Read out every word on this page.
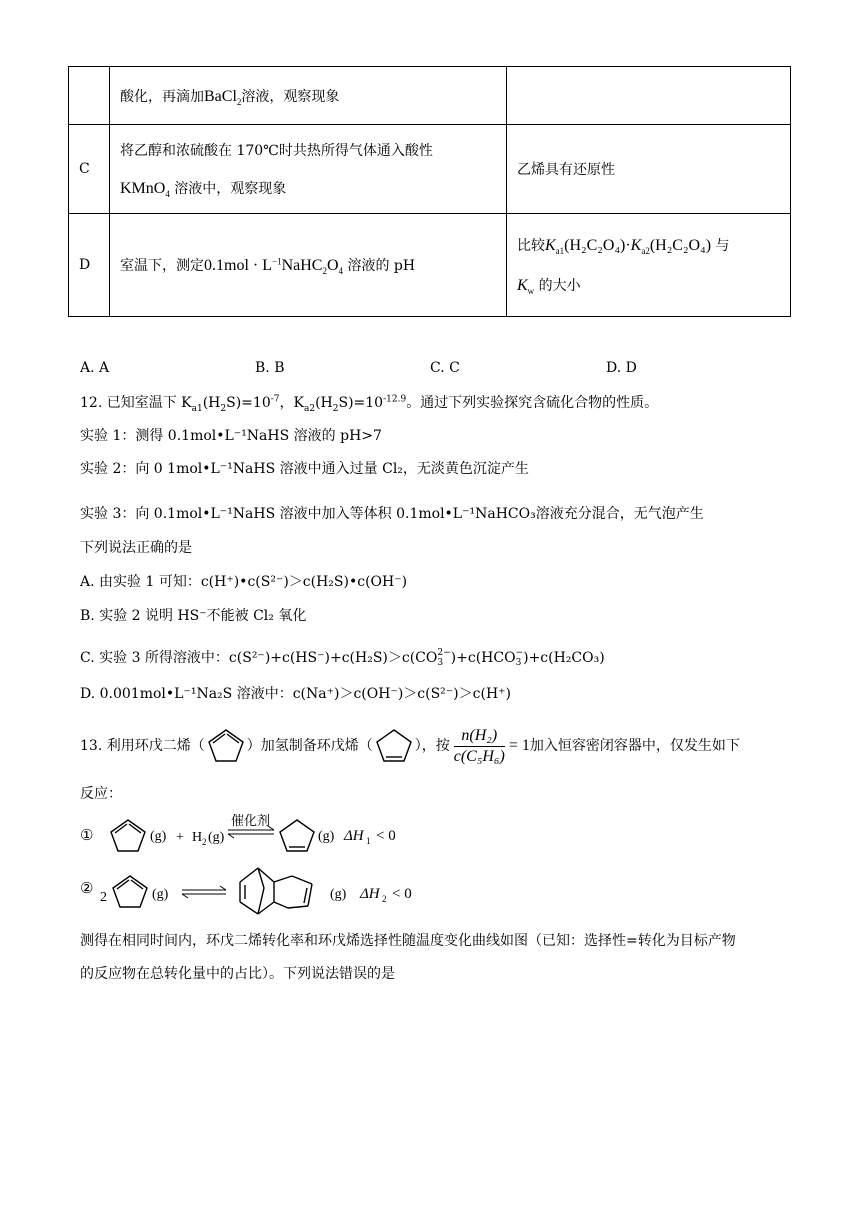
	酸化，再滴加BaCl$_2$溶液，观察现象	
C	将乙醇和浓硫酸在 170℃时共热所得气体通入酸性
KMnO$_4$ 溶液中，观察现象	乙烯具有还原性
D	室温下，测定$0.1mol \cdot L^{-1}NaHC_2O_4$ 溶液的 pH	比较$K_{a1}(H_2C_2O_4)\cdot K_{a2}(H_2C_2O_4)$ 与
$K_w$ 的大小
A. A	B. B	C. C	D. D
12. 已知室温下 $K_{a1}(H_2S)=10^{-7}$，$K_{a2}(H_2S)=10^{-12.9}$。通过下列实验探究含硫化合物的性质。
实验 1：测得 0.1mol•L⁻¹NaHS 溶液的 pH>7
实验 2：向 0 1mol•L⁻¹NaHS 溶液中通入过量 Cl₂，无淡黄色沉淀产生
实验 3：向 0.1mol•L⁻¹NaHS 溶液中加入等体积 0.1mol•L⁻¹NaHCO₃溶液充分混合，无气泡产生
下列说法正确的是
A. 由实验 1 可知：c(H⁺)•c(S²⁻)＞c(H₂S)•c(OH⁻)
B. 实验 2 说明 HS⁻不能被 Cl₂ 氧化
C. 实验 3 所得溶液中：c(S²⁻)+c(HS⁻)+c(H₂S)＞c(CO 2−
3 )+c(HCO −
3 )+c(H₂CO₃)
D. 0.001mol•L⁻¹Na₂S 溶液中：c(Na⁺)＞c(OH⁻)＞c(S²⁻)＞c(H⁺)
13. 利用环戊二烯（	）加氢制备环戊烯（	），按 $\frac{\text{n(H₂)}}{\text{c(C₅H₆)}} = 1$ 加入恒容密闭容器中，仅发生如下
反应：
①	(g) + H 2 (g)
催化剂
(g) ΔH 1 < 0
②
2	(g)	(g) ΔH 2 < 0
测得在相同时间内，环戊二烯转化率和环戊烯选择性随温度变化曲线如图（已知：选择性=转化为目标产物
的反应物在总转化量中的占比）。下列说法错误的是
